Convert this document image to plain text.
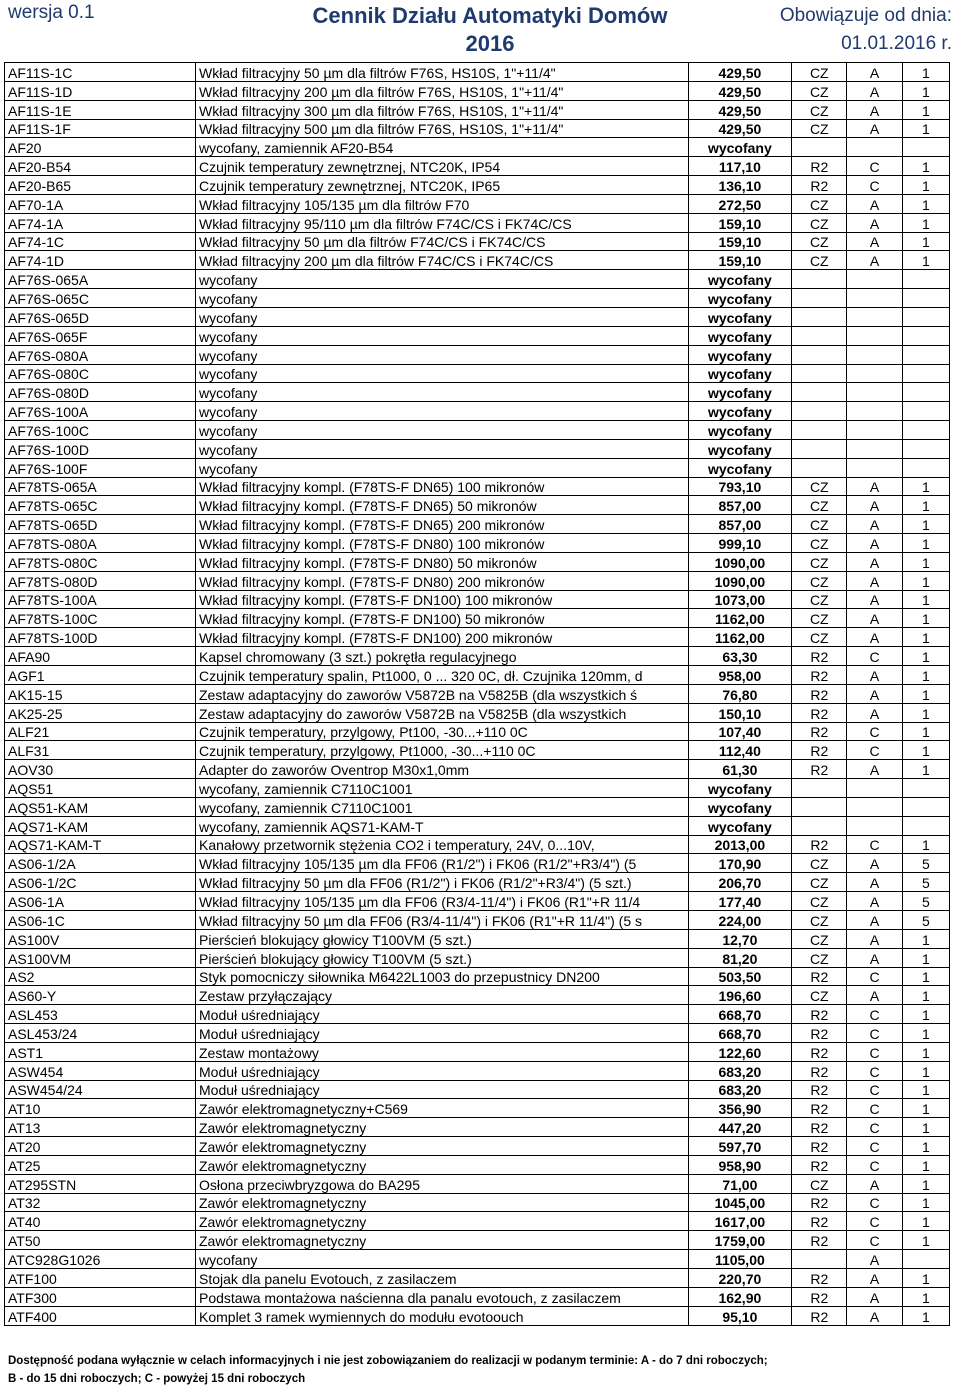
wersja 0.1	Cennik Działu Automatyki Domów
2016
Obowiązuje od dnia:
01.01.2016 r.
AF11S-1C	Wkład filtracyjny 50 µm dla filtrów F76S, HS10S, 1"+11/4"	429,50	CZ	A	1
AF11S-1D	Wkład filtracyjny 200 µm dla filtrów F76S, HS10S, 1"+11/4"	429,50	CZ	A	1
AF11S-1E	Wkład filtracyjny 300 µm dla filtrów F76S, HS10S, 1"+11/4"	429,50	CZ	A	1
AF11S-1F	Wkład filtracyjny 500 µm dla filtrów F76S, HS10S, 1"+11/4"	429,50	CZ	A	1
AF20	wycofany, zamiennik AF20-B54	wycofany			
AF20-B54	Czujnik temperatury zewnętrznej, NTC20K, IP54	117,10	R2	C	1
AF20-B65	Czujnik temperatury zewnętrznej, NTC20K, IP65	136,10	R2	C	1
AF70-1A	Wkład filtracyjny 105/135 µm dla filtrów F70	272,50	CZ	A	1
AF74-1A	Wkład filtracyjny 95/110 µm dla filtrów F74C/CS i FK74C/CS	159,10	CZ	A	1
AF74-1C	Wkład filtracyjny 50 µm dla filtrów F74C/CS i FK74C/CS	159,10	CZ	A	1
AF74-1D	Wkład filtracyjny 200 µm dla filtrów F74C/CS i FK74C/CS	159,10	CZ	A	1
AF76S-065A	wycofany	wycofany			
AF76S-065C	wycofany	wycofany			
AF76S-065D	wycofany	wycofany			
AF76S-065F	wycofany	wycofany			
AF76S-080A	wycofany	wycofany			
AF76S-080C	wycofany	wycofany			
AF76S-080D	wycofany	wycofany			
AF76S-100A	wycofany	wycofany			
AF76S-100C	wycofany	wycofany			
AF76S-100D	wycofany	wycofany			
AF76S-100F	wycofany	wycofany			
AF78TS-065A	Wkład filtracyjny kompl. (F78TS-F DN65) 100 mikronów	793,10	CZ	A	1
AF78TS-065C	Wkład filtracyjny kompl. (F78TS-F DN65) 50 mikronów	857,00	CZ	A	1
AF78TS-065D	Wkład filtracyjny kompl. (F78TS-F DN65) 200 mikronów	857,00	CZ	A	1
AF78TS-080A	Wkład filtracyjny kompl. (F78TS-F DN80) 100 mikronów	999,10	CZ	A	1
AF78TS-080C	Wkład filtracyjny kompl. (F78TS-F DN80) 50 mikronów	1090,00	CZ	A	1
AF78TS-080D	Wkład filtracyjny kompl. (F78TS-F DN80) 200 mikronów	1090,00	CZ	A	1
AF78TS-100A	Wkład filtracyjny kompl. (F78TS-F DN100) 100 mikronów	1073,00	CZ	A	1
AF78TS-100C	Wkład filtracyjny kompl. (F78TS-F DN100) 50 mikronów	1162,00	CZ	A	1
AF78TS-100D	Wkład filtracyjny kompl. (F78TS-F DN100) 200 mikronów	1162,00	CZ	A	1
AFA90	Kapsel chromowany (3 szt.) pokrętła regulacyjnego	63,30	R2	C	1
AGF1	Czujnik temperatury spalin, Pt1000, 0 ... 320 0C, dł. Czujnika 120mm, d	958,00	R2	A	1
AK15-15	Zestaw adaptacyjny do zaworów V5872B na V5825B (dla wszystkich ś	76,80	R2	A	1
AK25-25	Zestaw adaptacyjny do zaworów V5872B na V5825B (dla wszystkich	150,10	R2	A	1
ALF21	Czujnik temperatury, przylgowy, Pt100, -30...+110 0C	107,40	R2	C	1
ALF31	Czujnik temperatury, przylgowy, Pt1000, -30...+110 0C	112,40	R2	C	1
AOV30	Adapter do zaworów Oventrop M30x1,0mm	61,30	R2	A	1
AQS51	wycofany, zamiennik C7110C1001	wycofany			
AQS51-KAM	wycofany, zamiennik C7110C1001	wycofany			
AQS71-KAM	wycofany, zamiennik AQS71-KAM-T	wycofany			
AQS71-KAM-T	Kanałowy przetwornik stężenia CO2 i temperatury, 24V, 0...10V,	2013,00	R2	C	1
AS06-1/2A	Wkład filtracyjny 105/135 µm dla FF06 (R1/2") i FK06 (R1/2"+R3/4") (5	170,90	CZ	A	5
AS06-1/2C	Wkład filtracyjny 50 µm dla FF06 (R1/2") i FK06 (R1/2"+R3/4") (5 szt.)	206,70	CZ	A	5
AS06-1A	Wkład filtracyjny 105/135 µm dla FF06 (R3/4-11/4") i FK06 (R1"+R 11/4	177,40	CZ	A	5
AS06-1C	Wkład filtracyjny 50 µm dla FF06 (R3/4-11/4") i FK06 (R1"+R 11/4") (5 s	224,00	CZ	A	5
AS100V	Pierścień blokujący głowicy T100VM (5 szt.)	12,70	CZ	A	1
AS100VM	Pierścień blokujący głowicy T100VM (5 szt.)	81,20	CZ	A	1
AS2	Styk pomocniczy siłownika M6422L1003 do przepustnicy DN200	503,50	R2	C	1
AS60-Y	Zestaw przyłączający	196,60	CZ	A	1
ASL453	Moduł uśredniający	668,70	R2	C	1
ASL453/24	Moduł uśredniający	668,70	R2	C	1
AST1	Zestaw montażowy	122,60	R2	C	1
ASW454	Moduł uśredniający	683,20	R2	C	1
ASW454/24	Moduł uśredniający	683,20	R2	C	1
AT10	Zawór elektromagnetyczny+C569	356,90	R2	C	1
AT13	Zawór elektromagnetyczny	447,20	R2	C	1
AT20	Zawór elektromagnetyczny	597,70	R2	C	1
AT25	Zawór elektromagnetyczny	958,90	R2	C	1
AT295STN	Osłona przeciwbryzgowa do BA295	71,00	CZ	A	1
AT32	Zawór elektromagnetyczny	1045,00	R2	C	1
AT40	Zawór elektromagnetyczny	1617,00	R2	C	1
AT50	Zawór elektromagnetyczny	1759,00	R2	C	1
ATC928G1026	wycofany	1105,00		A	
ATF100	Stojak dla panelu Evotouch, z zasilaczem	220,70	R2	A	1
ATF300	Podstawa montażowa naścienna dla panalu evotouch, z zasilaczem	162,90	R2	A	1
ATF400	Komplet 3 ramek wymiennych do modułu evotoouch	95,10	R2	A	1
Dostępność podana wyłącznie w celach informacyjnych i nie jest zobowiązaniem do realizacji w podanym terminie: A - do 7 dni roboczych;
B - do 15 dni roboczych; C - powyżej 15 dni roboczych
